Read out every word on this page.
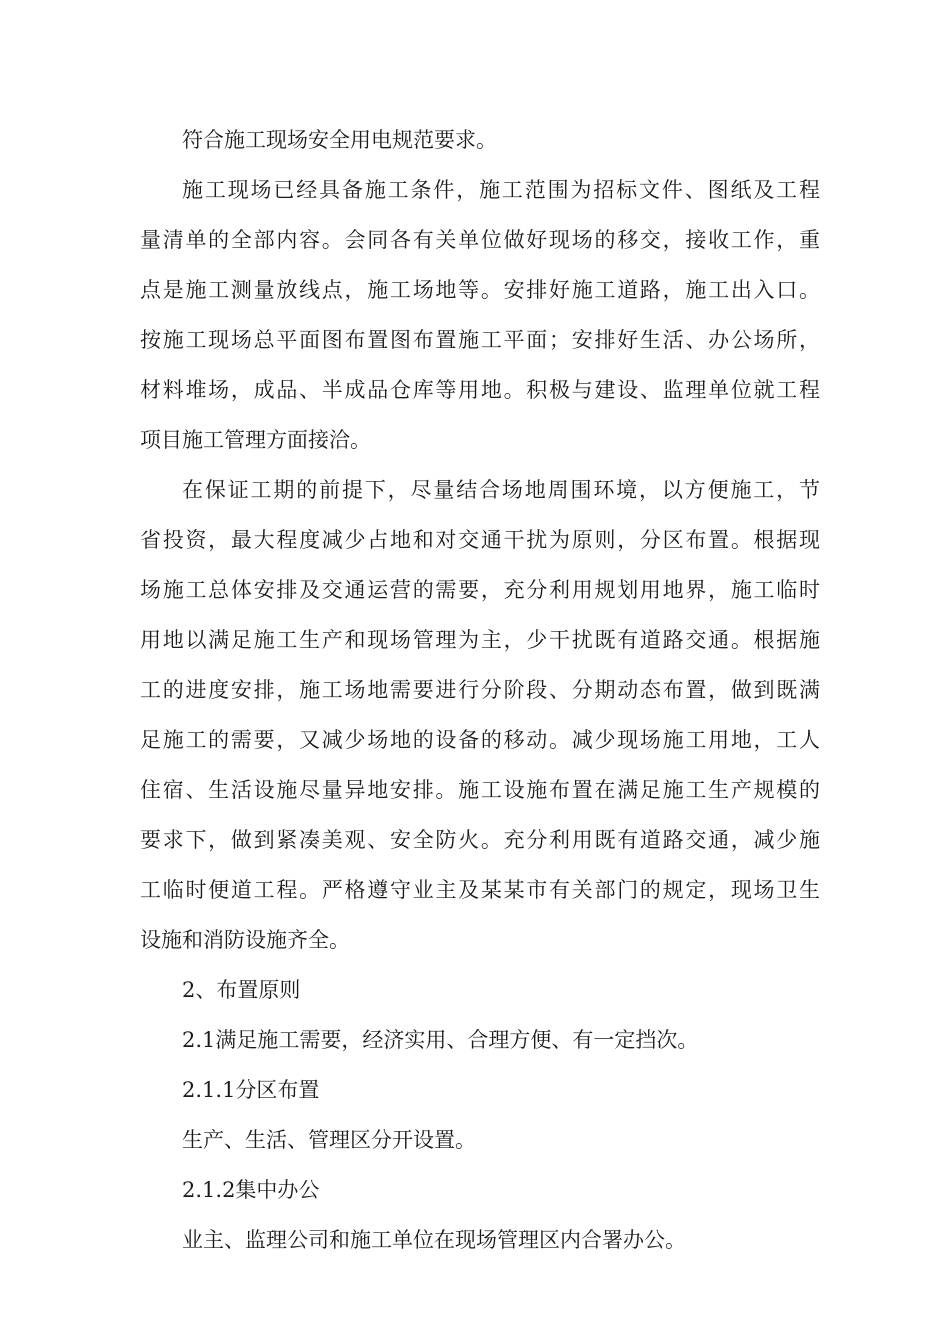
符合施工现场安全用电规范要求。
施工现场已经具备施工条件，施工范围为招标文件、图纸及工程
量清单的全部内容。会同各有关单位做好现场的移交，接收工作，重
点是施工测量放线点，施工场地等。安排好施工道路，施工出入口。
按施工现场总平面图布置图布置施工平面；安排好生活、办公场所，
材料堆场，成品、半成品仓库等用地。积极与建设、监理单位就工程
项目施工管理方面接洽。
在保证工期的前提下，尽量结合场地周围环境，以方便施工，节
省投资，最大程度减少占地和对交通干扰为原则，分区布置。根据现
场施工总体安排及交通运营的需要，充分利用规划用地界，施工临时
用地以满足施工生产和现场管理为主，少干扰既有道路交通。根据施
工的进度安排，施工场地需要进行分阶段、分期动态布置，做到既满
足施工的需要，又减少场地的设备的移动。减少现场施工用地，工人
住宿、生活设施尽量异地安排。施工设施布置在满足施工生产规模的
要求下，做到紧凑美观、安全防火。充分利用既有道路交通，减少施
工临时便道工程。严格遵守业主及某某市有关部门的规定，现场卫生
设施和消防设施齐全。
2、布置原则
2.1满足施工需要，经济实用、合理方便、有一定挡次。
2.1.1分区布置
生产、生活、管理区分开设置。
2.1.2集中办公
业主、监理公司和施工单位在现场管理区内合署办公。
